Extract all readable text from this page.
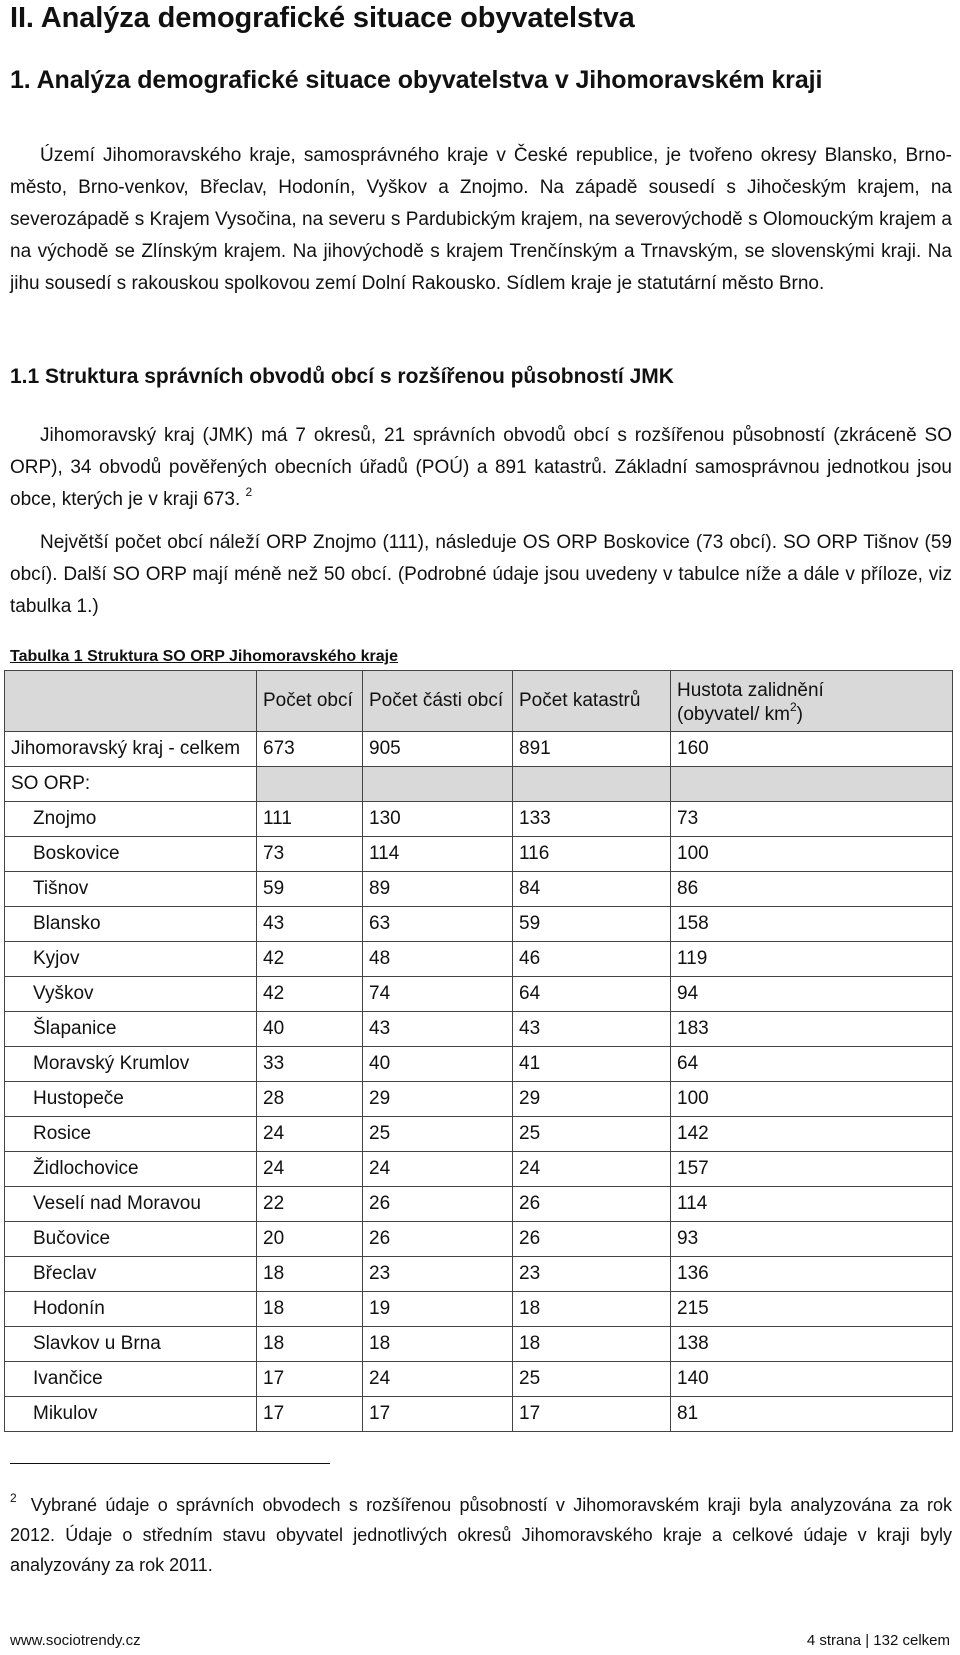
II. Analýza demografické situace obyvatelstva
1. Analýza demografické situace obyvatelstva v Jihomoravském kraji
Území Jihomoravského kraje, samosprávného kraje v České republice, je tvořeno okresy Blansko, Brno-město, Brno-venkov, Břeclav, Hodonín, Vyškov a Znojmo. Na západě sousedí s Jihočeským krajem, na severozápadě s Krajem Vysočina, na severu s Pardubickým krajem, na severovýchodě s Olomouckým krajem a na východě se Zlínským krajem. Na jihovýchodě s krajem Trenčínským a Trnavským, se slovenskými kraji. Na jihu sousedí s rakouskou spolkovou zemí Dolní Rakousko. Sídlem kraje je statutární město Brno.
1.1 Struktura správních obvodů obcí s rozšířenou působností JMK
Jihomoravský kraj (JMK) má 7 okresů, 21 správních obvodů obcí s rozšířenou působností (zkráceně SO ORP), 34 obvodů pověřených obecních úřadů (POÚ) a 891 katastrů. Základní samosprávnou jednotkou jsou obce, kterých je v kraji 673. $^2$
Největší počet obcí náleží ORP Znojmo (111), následuje OS ORP Boskovice (73 obcí). SO ORP Tišnov (59 obcí). Další SO ORP mají méně než 50 obcí. (Podrobné údaje jsou uvedeny v tabulce níže a dále v příloze, viz tabulka 1.)
Tabulka 1 Struktura SO ORP Jihomoravského kraje
	Počet obcí	Počet části obcí	Počet katastrů	Hustota zalidnění
(obyvatel/ $km^2$)
Jihomoravský kraj - celkem	673	905	891	160
SO ORP:				
Znojmo	111	130	133	73
Boskovice	73	114	116	100
Tišnov	59	89	84	86
Blansko	43	63	59	158
Kyjov	42	48	46	119
Vyškov	42	74	64	94
Šlapanice	40	43	43	183
Moravský Krumlov	33	40	41	64
Hustopeče	28	29	29	100
Rosice	24	25	25	142
Židlochovice	24	24	24	157
Veselí nad Moravou	22	26	26	114
Bučovice	20	26	26	93
Břeclav	18	23	23	136
Hodonín	18	19	18	215
Slavkov u Brna	18	18	18	138
Ivančice	17	24	25	140
Mikulov	17	17	17	81
$^2$ Vybrané údaje o správních obvodech s rozšířenou působností v Jihomoravském kraji byla analyzována za rok 2012. Údaje o středním stavu obyvatel jednotlivých okresů Jihomoravského kraje a celkové údaje v kraji byly analyzovány za rok 2011.
www.sociotrendy.cz	4 strana | 132 celkem
